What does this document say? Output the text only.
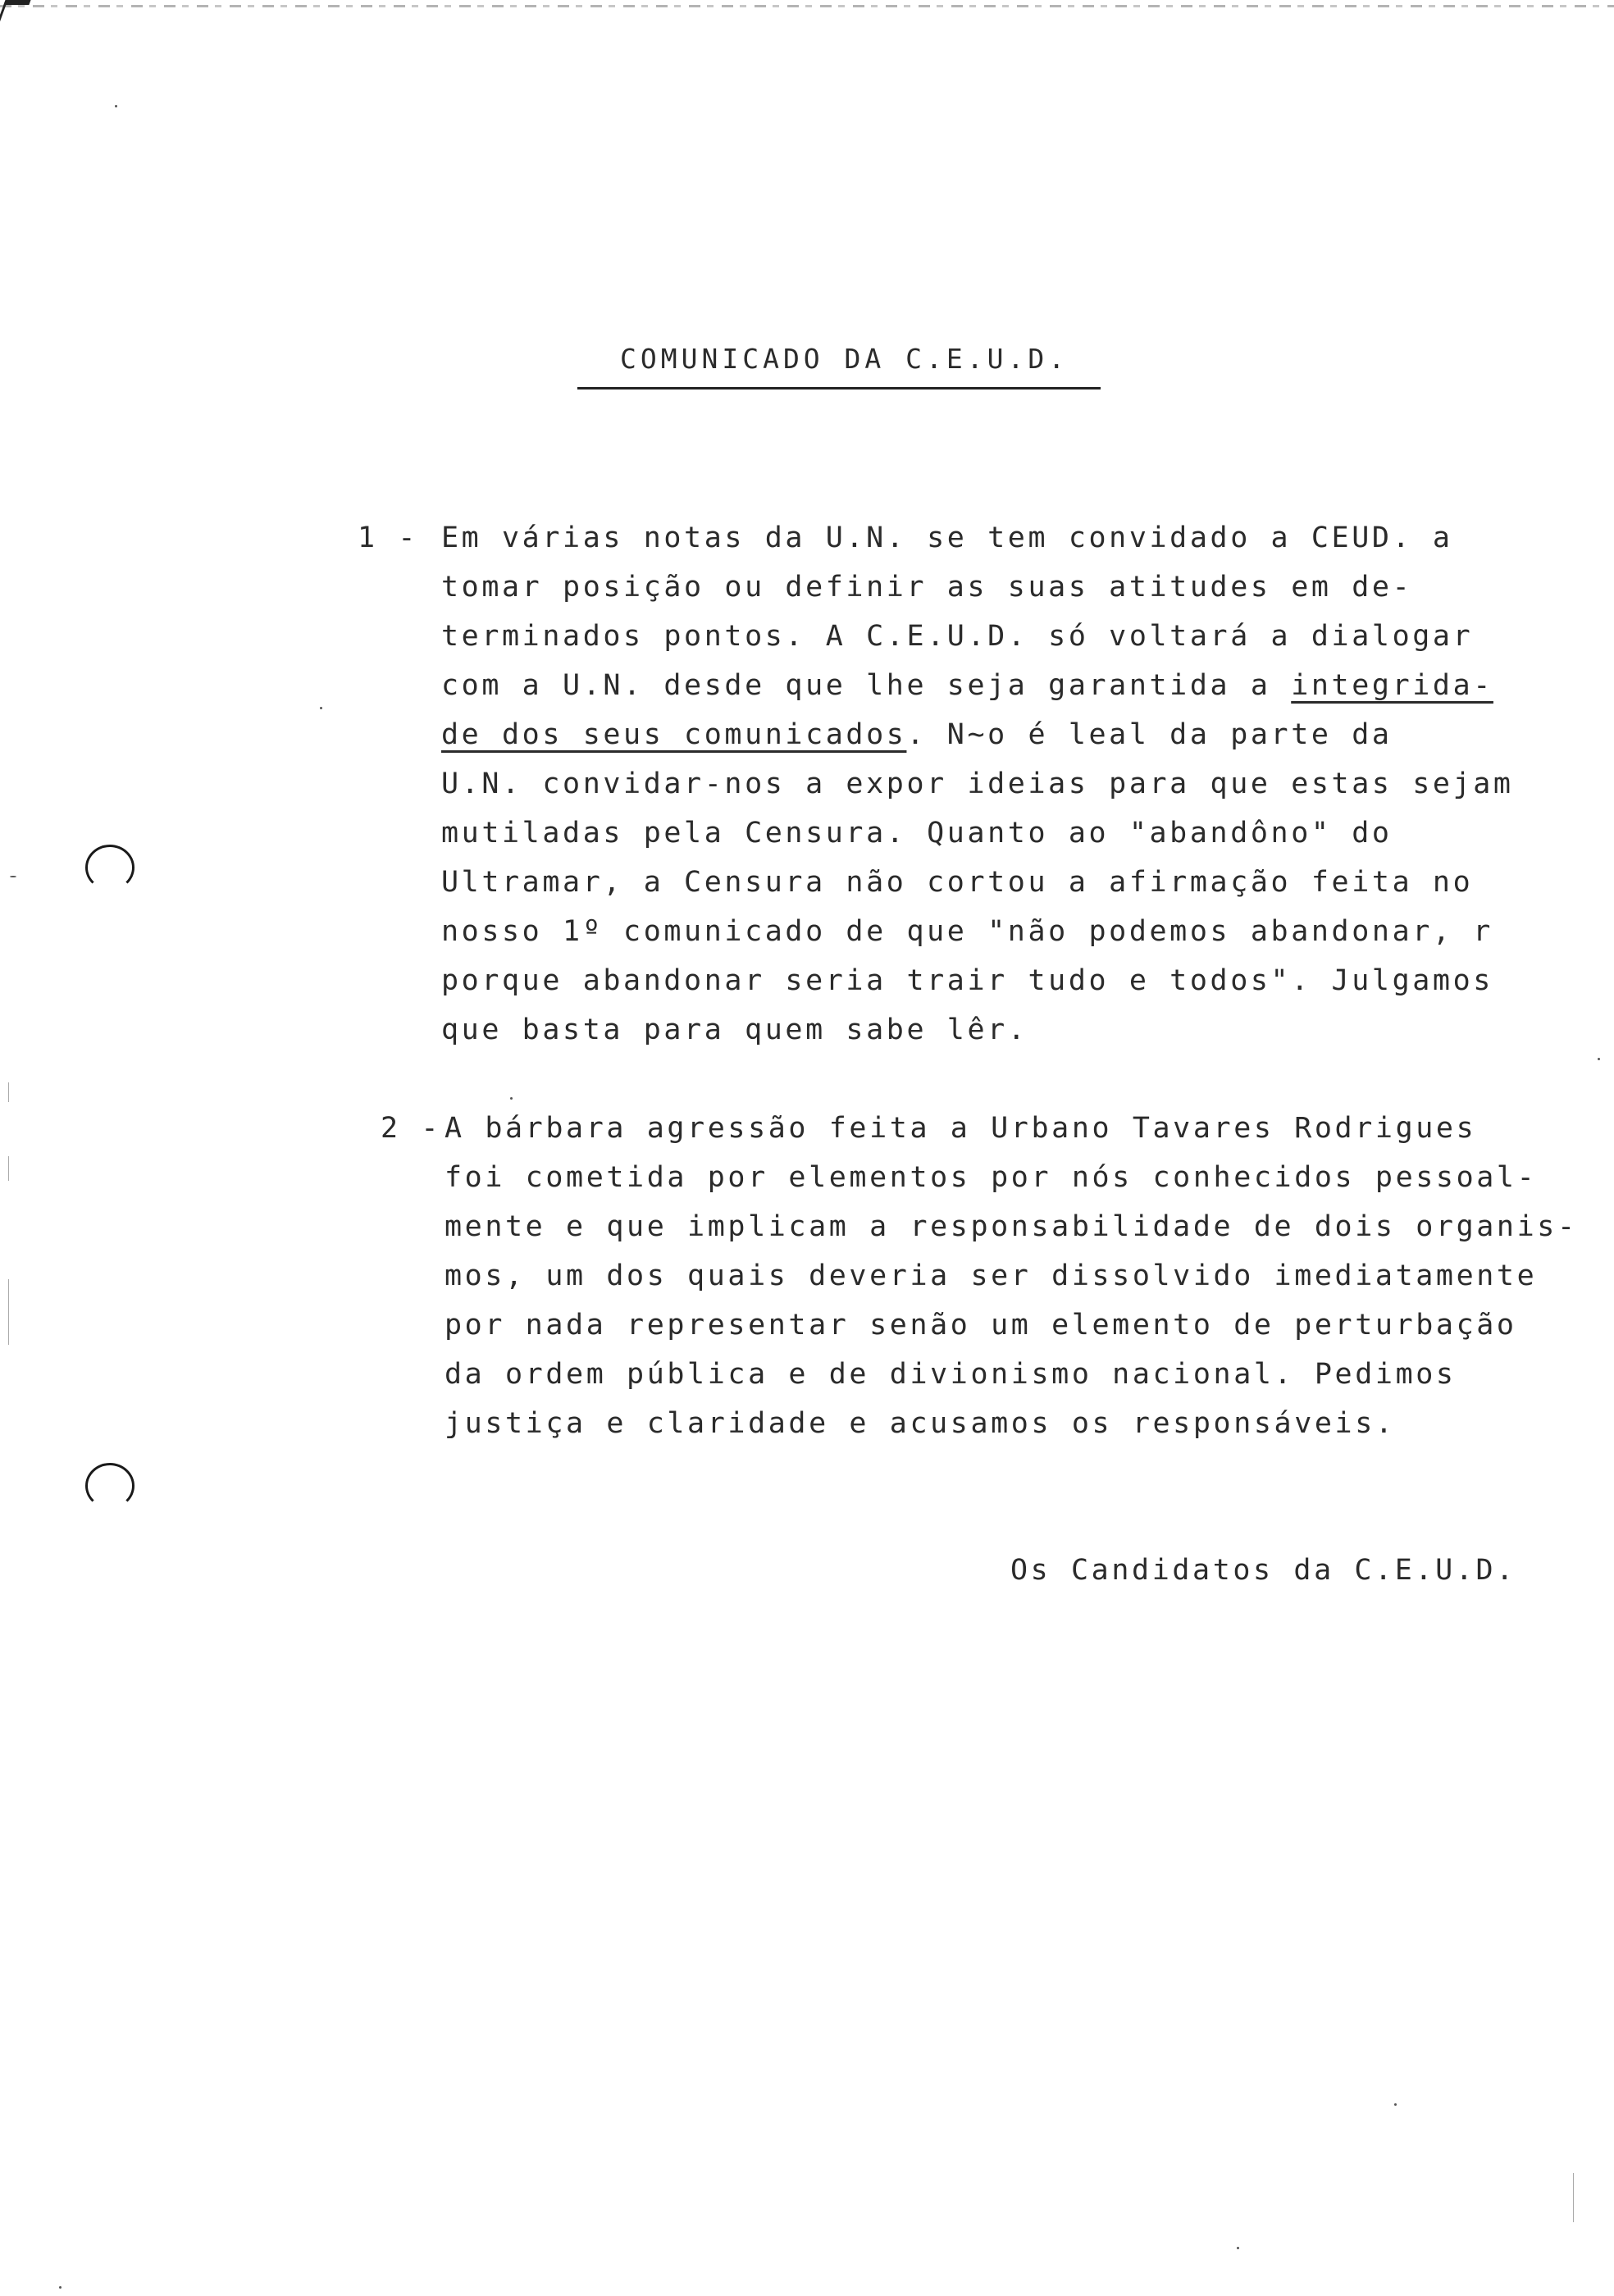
COMUNICADO DA C.E.U.D.
1 - Em várias notas da U.N. se tem convidado a CEUD. a
tomar posição ou definir as suas atitudes em de-
terminados pontos. A C.E.U.D. só voltará a dialogar
com a U.N. desde que lhe seja garantida a integrida-
de dos seus comunicados. N~o é leal da parte da
U.N. convidar-nos a expor ideias para que estas sejam
mutiladas pela Censura. Quanto ao "abandôno" do
Ultramar, a Censura não cortou a afirmação feita no
nosso 1º comunicado de que "não podemos abandonar, r
porque abandonar seria trair tudo e todos". Julgamos
que basta para quem sabe lêr.
2 - A bárbara agressão feita a Urbano Tavares Rodrigues
foi cometida por elementos por nós conhecidos pessoal-
mente e que implicam a responsabilidade de dois organis-
mos, um dos quais deveria ser dissolvido imediatamente
por nada representar senão um elemento de perturbação
da ordem pública e de divionismo nacional. Pedimos
justiça e claridade e acusamos os responsáveis.
Os Candidatos da C.E.U.D.
